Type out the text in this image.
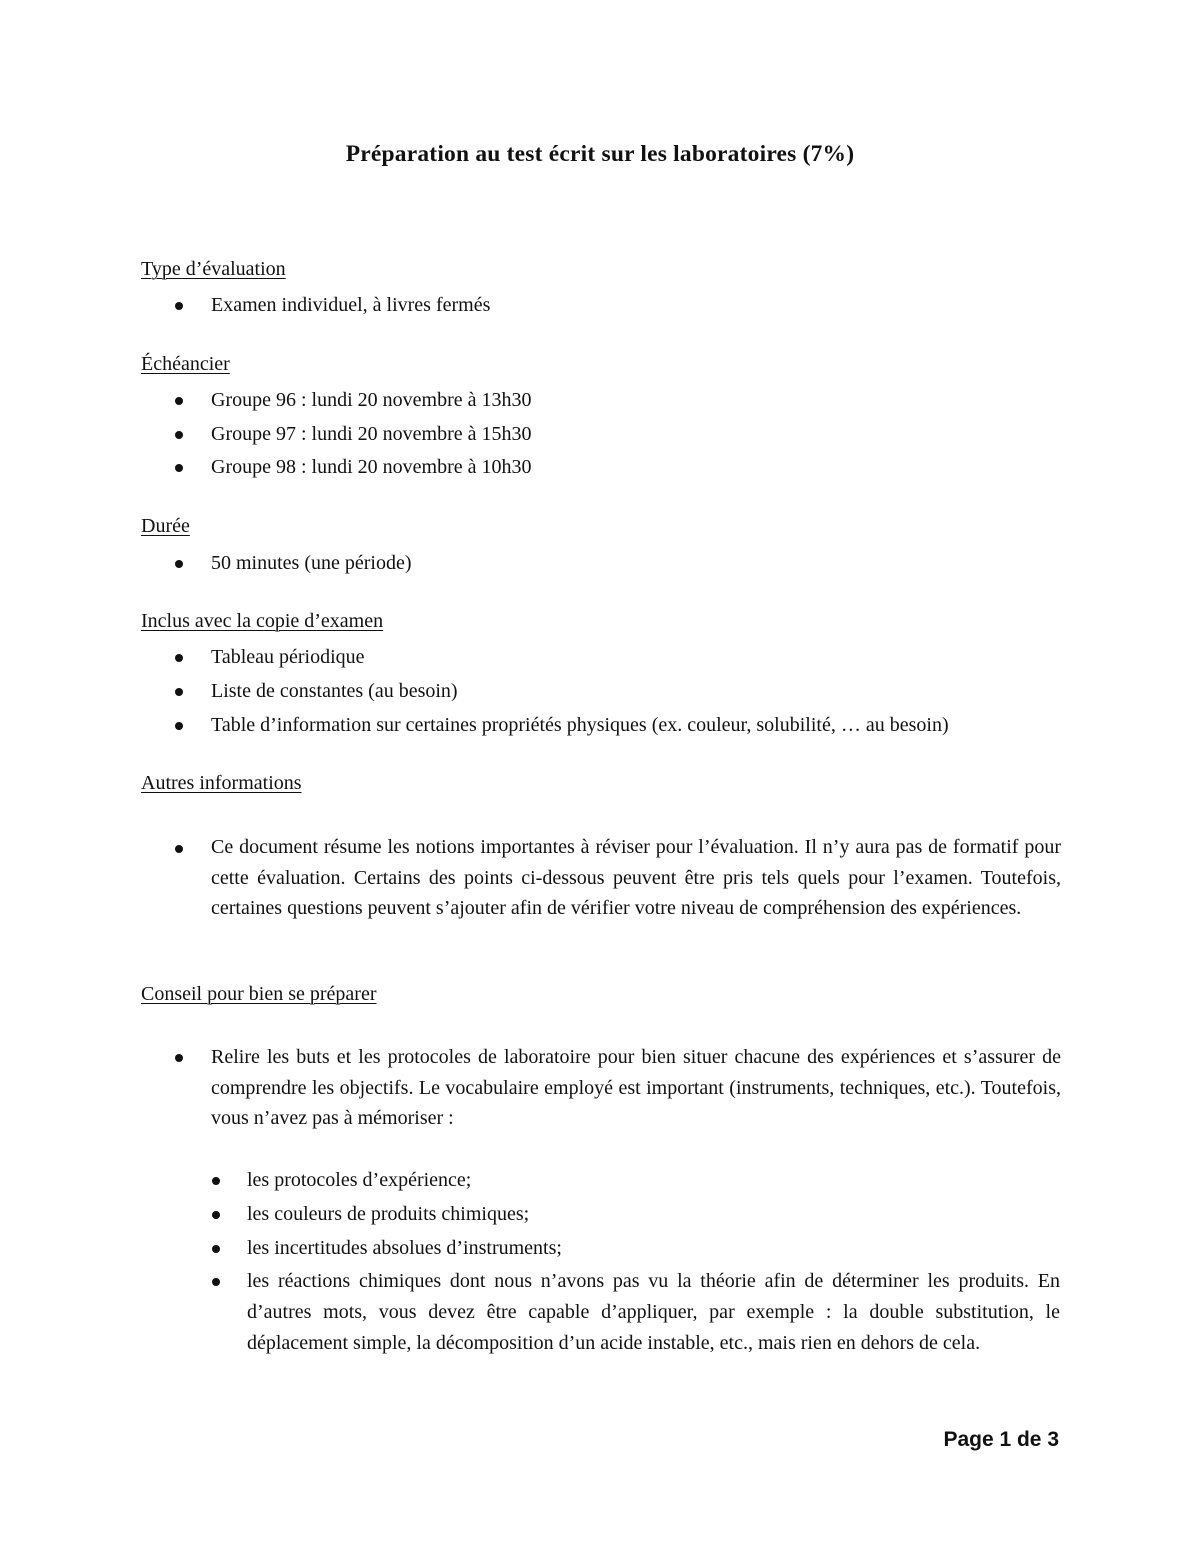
Préparation au test écrit sur les laboratoires (7%)
Type d’évaluation
Examen individuel, à livres fermés
Échéancier
Groupe 96 : lundi 20 novembre à 13h30
Groupe 97 : lundi 20 novembre à 15h30
Groupe 98 : lundi 20 novembre à 10h30
Durée
50 minutes (une période)
Inclus avec la copie d’examen
Tableau périodique
Liste de constantes (au besoin)
Table d’information sur certaines propriétés physiques (ex. couleur, solubilité, … au besoin)
Autres informations
Ce document résume les notions importantes à réviser pour l’évaluation. Il n’y aura pas de formatif pour cette évaluation. Certains des points ci-dessous peuvent être pris tels quels pour l’examen. Toutefois, certaines questions peuvent s’ajouter afin de vérifier votre niveau de compréhension des expériences.
Conseil pour bien se préparer
Relire les buts et les protocoles de laboratoire pour bien situer chacune des expériences et s’assurer de comprendre les objectifs. Le vocabulaire employé est important (instruments, techniques, etc.). Toutefois, vous n’avez pas à mémoriser :
les protocoles d’expérience;
les couleurs de produits chimiques;
les incertitudes absolues d’instruments;
les réactions chimiques dont nous n’avons pas vu la théorie afin de déterminer les produits. En d’autres mots, vous devez être capable d’appliquer, par exemple : la double substitution, le déplacement simple, la décomposition d’un acide instable, etc., mais rien en dehors de cela.
Page 1 de 3
